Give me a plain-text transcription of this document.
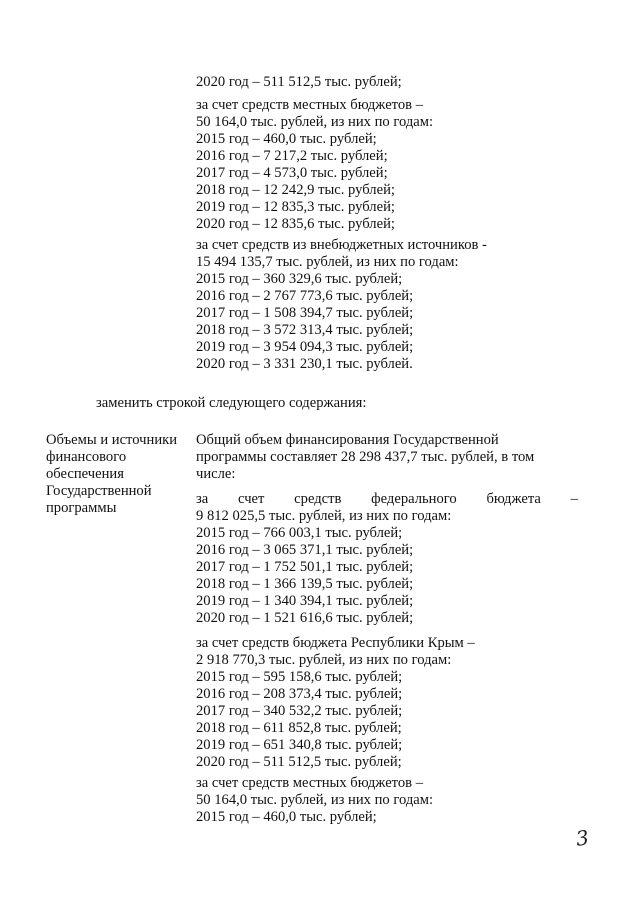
2020 год – 511 512,5 тыс. рублей;
за счет средств местных бюджетов –
50 164,0 тыс. рублей, из них по годам:
2015 год – 460,0 тыс. рублей;
2016 год – 7 217,2 тыс. рублей;
2017 год – 4 573,0 тыс. рублей;
2018 год – 12 242,9 тыс. рублей;
2019 год – 12 835,3 тыс. рублей;
2020 год – 12 835,6 тыс. рублей;
за счет средств из внебюджетных источников -
15 494 135,7 тыс. рублей, из них по годам:
2015 год – 360 329,6 тыс. рублей;
2016 год – 2 767 773,6 тыс. рублей;
2017 год – 1 508 394,7 тыс. рублей;
2018 год – 3 572 313,4 тыс. рублей;
2019 год – 3 954 094,3 тыс. рублей;
2020 год – 3 331 230,1 тыс. рублей.
заменить строкой следующего содержания:
Объемы и источники
финансового
обеспечения
Государственной
программы
Общий объем финансирования Государственной
программы составляет 28 298 437,7 тыс. рублей, в том
числе:
за счет средств федерального бюджета –
9 812 025,5 тыс. рублей, из них по годам:
2015 год – 766 003,1 тыс. рублей;
2016 год – 3 065 371,1 тыс. рублей;
2017 год – 1 752 501,1 тыс. рублей;
2018 год – 1 366 139,5 тыс. рублей;
2019 год – 1 340 394,1 тыс. рублей;
2020 год – 1 521 616,6 тыс. рублей;
за счет средств бюджета Республики Крым –
2 918 770,3 тыс. рублей, из них по годам:
2015 год – 595 158,6 тыс. рублей;
2016 год – 208 373,4 тыс. рублей;
2017 год – 340 532,2 тыс. рублей;
2018 год – 611 852,8 тыс. рублей;
2019 год – 651 340,8 тыс. рублей;
2020 год – 511 512,5 тыс. рублей;
за счет средств местных бюджетов –
50 164,0 тыс. рублей, из них по годам:
2015 год – 460,0 тыс. рублей;
3
